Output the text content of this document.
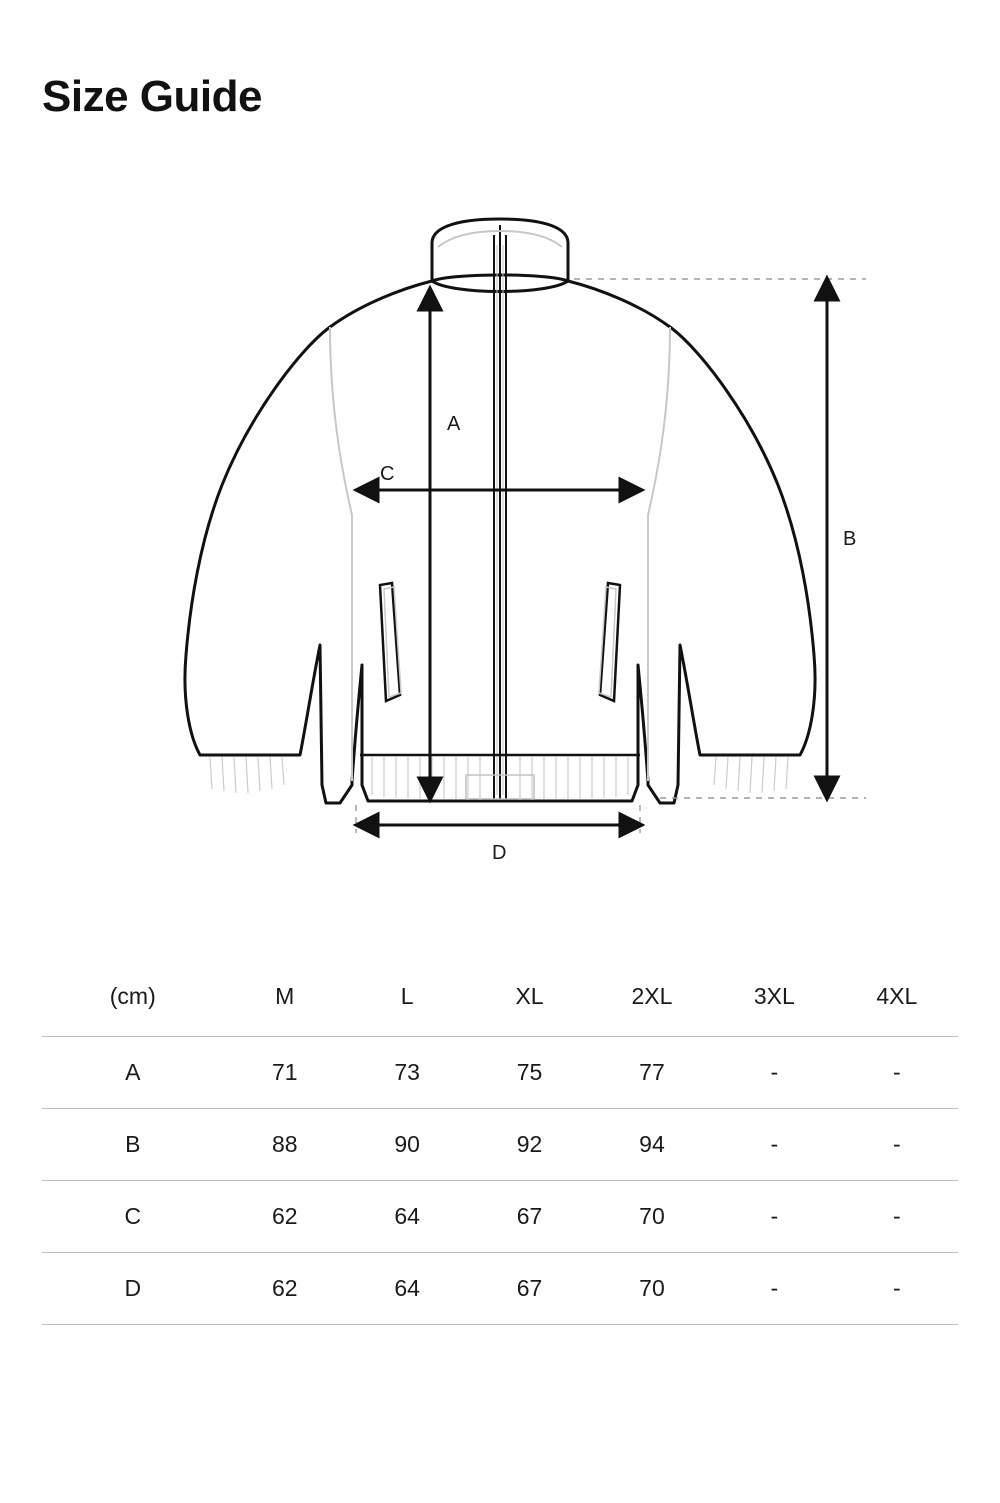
Size Guide
A
B
C
D
(cm)	M	L	XL	2XL	3XL	4XL
A	71	73	75	77	-	-
B	88	90	92	94	-	-
C	62	64	67	70	-	-
D	62	64	67	70	-	-
